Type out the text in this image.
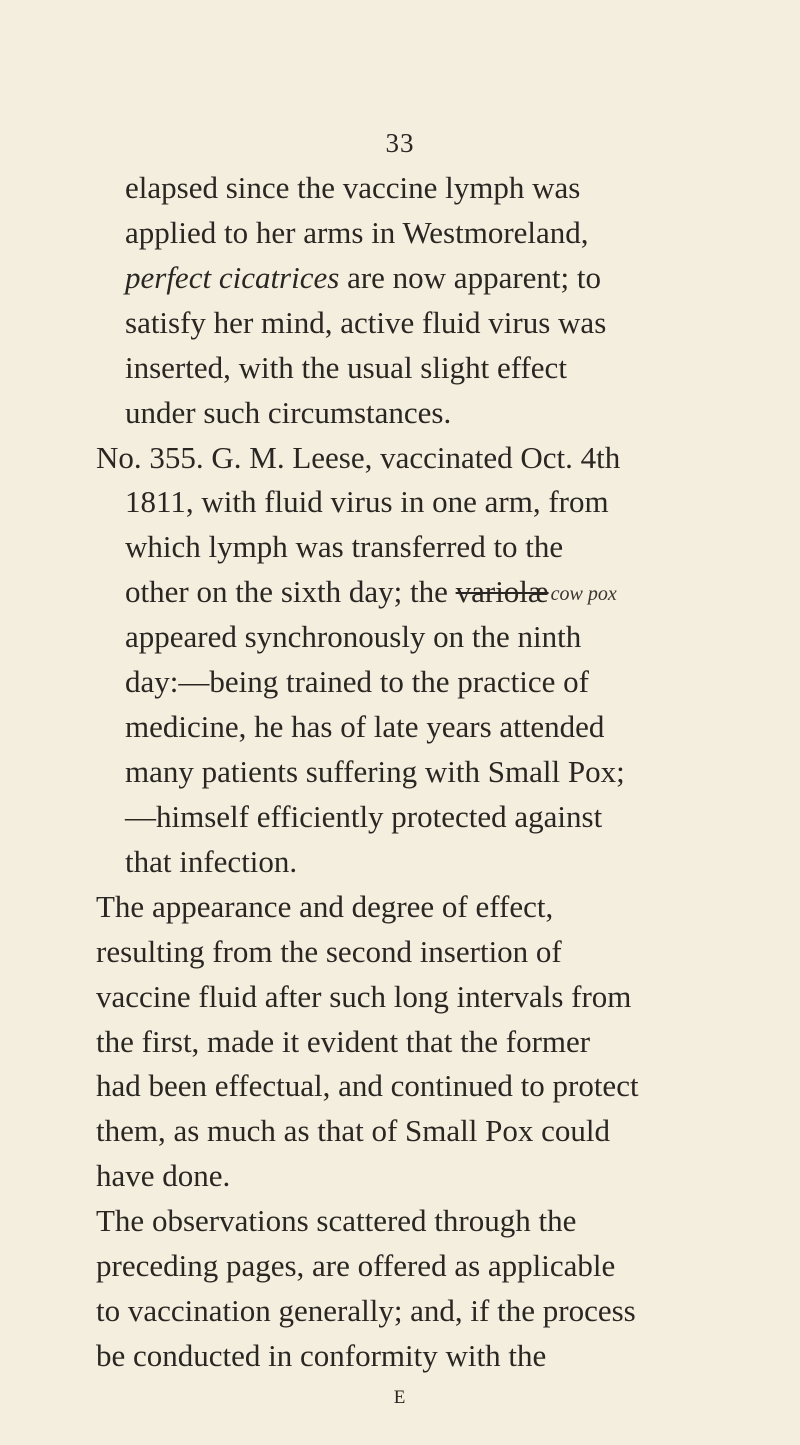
33
elapsed since the vaccine lymph was
applied to her arms in Westmoreland,
perfect cicatrices are now apparent; to
satisfy her mind, active fluid virus was
inserted, with the usual slight effect
under such circumstances.
No. 355. G. M. Leese, vaccinated Oct. 4th
1811, with fluid virus in one arm, from
which lymph was transferred to the
other on the sixth day; the variolæ cow pox
appeared synchronously on the ninth
day:—being trained to the practice of
medicine, he has of late years attended
many patients suffering with Small Pox;
—himself efficiently protected against
that infection.
The appearance and degree of effect,
resulting from the second insertion of
vaccine fluid after such long intervals from
the first, made it evident that the former
had been effectual, and continued to protect
them, as much as that of Small Pox could
have done.
The observations scattered through the
preceding pages, are offered as applicable
to vaccination generally; and, if the process
be conducted in conformity with the
E
